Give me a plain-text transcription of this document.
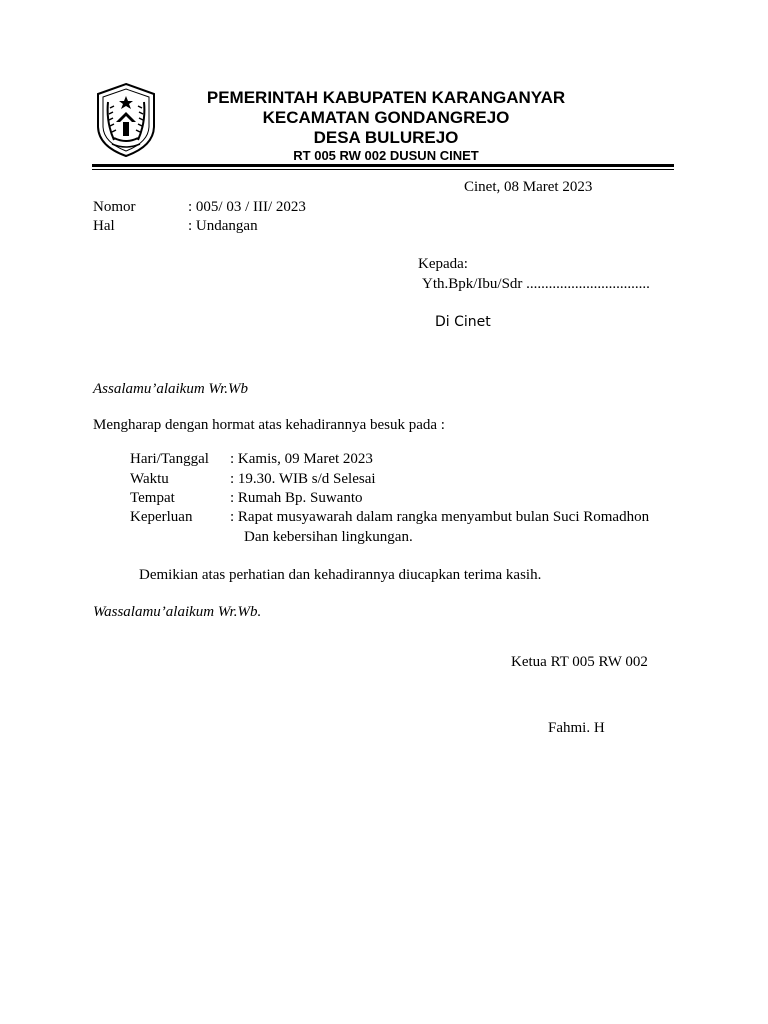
PEMERINTAH KABUPATEN KARANGANYAR
KECAMATAN GONDANGREJO
DESA BULUREJO
RT 005 RW 002 DUSUN CINET
Cinet, 08 Maret 2023
Nomor	: 005/ 03 / III/ 2023
Hal	: Undangan
Kepada:
Yth.Bpk/Ibu/Sdr .................................
Di Cinet
Assalamu’alaikum Wr.Wb
Mengharap dengan hormat atas kehadirannya besuk pada :
Hari/Tanggal : Kamis, 09 Maret 2023
Waktu	: 19.30. WIB s/d Selesai
Tempat	: Rumah Bp. Suwanto
Keperluan	: Rapat musyawarah dalam rangka menyambut bulan Suci Romadhon
Dan kebersihan lingkungan.
Demikian atas perhatian dan kehadirannya diucapkan terima kasih.
Wassalamu’alaikum Wr.Wb.
Ketua RT 005 RW 002
Fahmi. H
